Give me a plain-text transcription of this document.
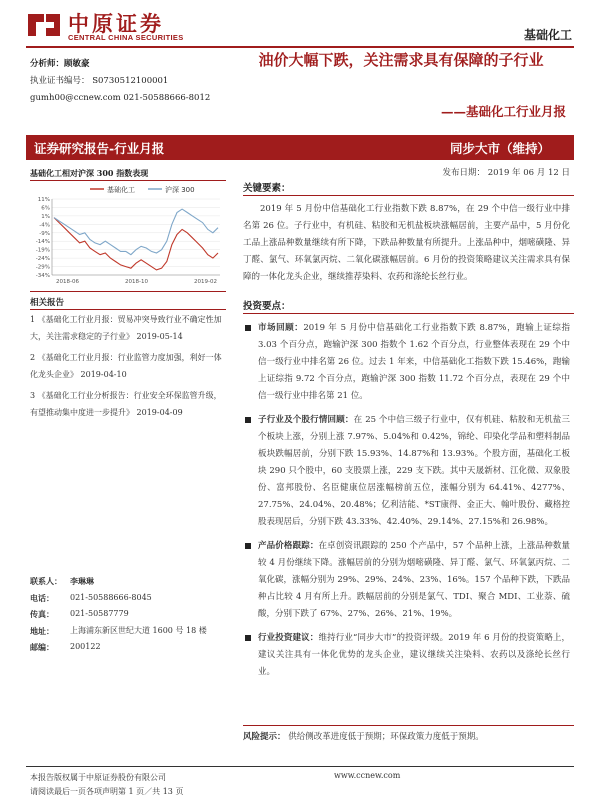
中原证券
CENTRAL CHINA SECURITIES	基础化工
分析师：顾敏豪
执业证书编号： S0730512100001
gumh00@ccnew.com 021-50588666-8012
油价大幅下跌，关注需求具有保障的子行业
——基础化工行业月报
证券研究报告-行业月报	同步大市（维持）
基础化工相对沪深 300 指数表现
基础化工	沪深 300
11%
6%
1%
-4%
-9%
-14%
-19%
-24%
-29%
-34%
2018-06	2018-10	2019-02
相关报告
1 《基础化工行业月报：贸易冲突导致行业不确定性加大，关注需求稳定的子行业》 2019-05-14
2 《基础化工行业月报：行业监管力度加强，利好一体化龙头企业》 2019-04-10
3 《基础化工行业分析报告：行业安全环保监管升级，有望推动集中度进一步提升》 2019-04-09
联系人：	李琳琳
电话：	021-50588666-8045
传真：	021-50587779
地址：	上海浦东新区世纪大道 1600 号 18 楼
邮编：	200122
发布日期： 2019 年 06 月 12 日
关键要素：
2019 年 5 月份中信基础化工行业指数下跌 8.87%，在 29 个中信一级行业中排名第 26 位。子行业中，有机硅、粘胶和无机盐板块涨幅居前，主要产品中，5 月份化工品上涨品种数量继续有所下降，下跌品种数量有所提升。上涨品种中，烟嘧磺隆、异丁醛、氯气、环氧氯丙烷、二氧化碳涨幅居前。6 月份的投资策略建议关注需求具有保障的一体化龙头企业，继续推荐染料、农药和涤纶长丝行业。
投资要点：
市场回顾：2019 年 5 月份中信基础化工行业指数下跌 8.87%，跑输上证综指 3.03 个百分点，跑输沪深 300 指数个 1.62 个百分点，行业整体表现在 29 个中信一级行业中排名第 26 位。过去 1 年来，中信基础化工指数下跌 15.46%，跑输上证综指 9.72 个百分点，跑输沪深 300 指数 11.72 个百分点，表现在 29 个中信一级行业中排名第 21 位。
子行业及个股行情回顾：在 25 个中信三级子行业中，仅有机硅、粘胶和无机盐三个板块上涨，分别上涨 7.97%、5.04%和 0.42%，锦纶、印染化学品和塑料制品板块跌幅居前，分别下跌 15.93%、14.87%和 13.93%。个股方面，基础化工板块 290 只个股中，60 支股票上涨，229 支下跌。其中天晟新材、江化微、双象股份、富邦股份、名臣健康位居涨幅榜前五位，涨幅分别为 64.41%、4277%、27.75%、24.04%、20.48%；亿利洁能、*ST康得、金正大、翰叶股份、藏格控股表现居后，分别下跌 43.33%、42.40%、29.14%、27.15%和 26.98%。
产品价格跟踪：在卓创资讯跟踪的 250 个产品中，57 个品种上涨，上涨品种数量较 4 月份继续下降。涨幅居前的分别为烟嘧磺隆、异丁醛、氯气、环氧氯丙烷、二氧化碳，涨幅分别为 29%、29%、24%、23%、16%。157 个品种下跌，下跌品种占比较 4 月有所上升。跌幅居前的分别是氯气、TDI、聚合 MDI、工业萘、硫酸，分别下跌了 67%、27%、26%、21%、19%。
行业投资建议：维持行业“同步大市”的投资评级。2019 年 6 月份的投资策略上，建议关注具有一体化优势的龙头企业，建议继续关注染料、农药以及涤纶长丝行业。
风险提示： 供给侧改革进度低于预期；环保政策力度低于预期。
本报告版权属于中原证券股份有限公司
请阅读最后一页各项声明第 1 页／共 13 页
www.ccnew.com
